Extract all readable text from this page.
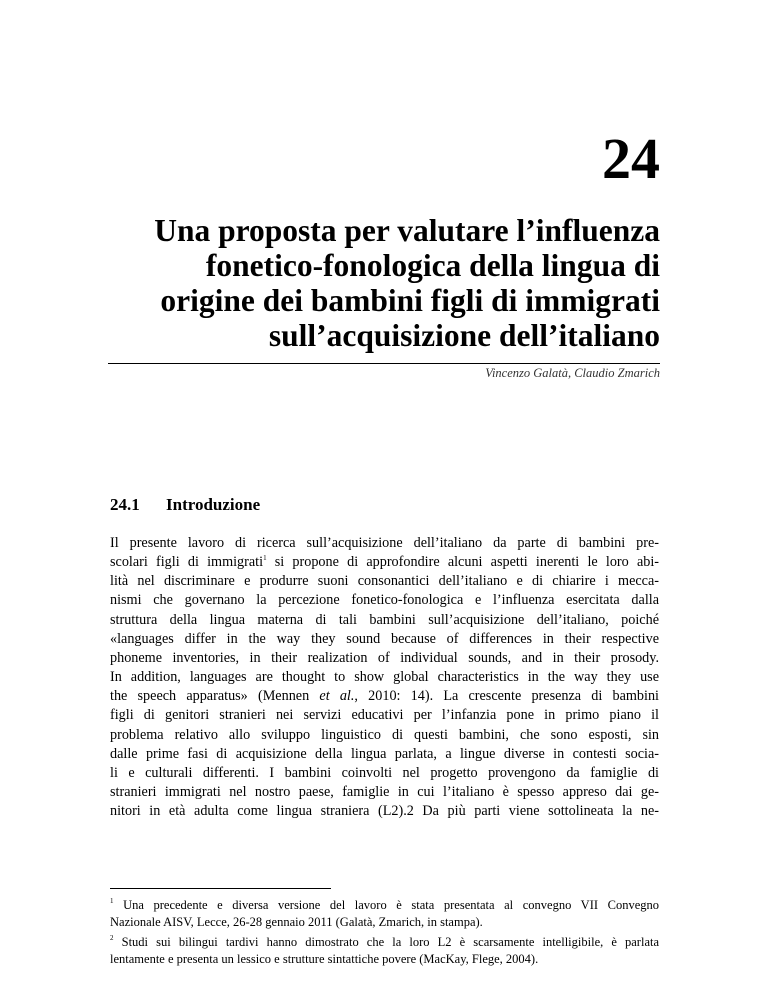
24
Una proposta per valutare l’influenza
fonetico-fonologica della lingua di
origine dei bambini figli di immigrati
sull’acquisizione dell’italiano
Vincenzo Galatà, Claudio Zmarich
24.1 Introduzione
Il presente lavoro di ricerca sull’acquisizione dell’italiano da parte di bambini pre-
scolari figli di immigrati$^1$ si propone di approfondire alcuni aspetti inerenti le loro abi-
lità nel discriminare e produrre suoni consonantici dell’italiano e di chiarire i mecca-
nismi che governano la percezione fonetico-fonologica e l’influenza esercitata dalla
struttura della lingua materna di tali bambini sull’acquisizione dell’italiano, poiché
«languages differ in the way they sound because of differences in their respective
phoneme inventories, in their realization of individual sounds, and in their prosody.
In addition, languages are thought to show global characteristics in the way they use
the speech apparatus» (Mennen et al., 2010: 14). La crescente presenza di bambini
figli di genitori stranieri nei servizi educativi per l’infanzia pone in primo piano il
problema relativo allo sviluppo linguistico di questi bambini, che sono esposti, sin
dalle prime fasi di acquisizione della lingua parlata, a lingue diverse in contesti socia-
li e culturali differenti. I bambini coinvolti nel progetto provengono da famiglie di
stranieri immigrati nel nostro paese, famiglie in cui l’italiano è spesso appreso dai ge-
nitori in età adulta come lingua straniera (L2).2 Da più parti viene sottolineata la ne-
$^1$ Una precedente e diversa versione del lavoro è stata presentata al convegno VII Convegno
Nazionale AISV, Lecce, 26-28 gennaio 2011 (Galatà, Zmarich, in stampa).
$^2$ Studi sui bilingui tardivi hanno dimostrato che la loro L2 è scarsamente intelligibile, è parlata
lentamente e presenta un lessico e strutture sintattiche povere (MacKay, Flege, 2004).
